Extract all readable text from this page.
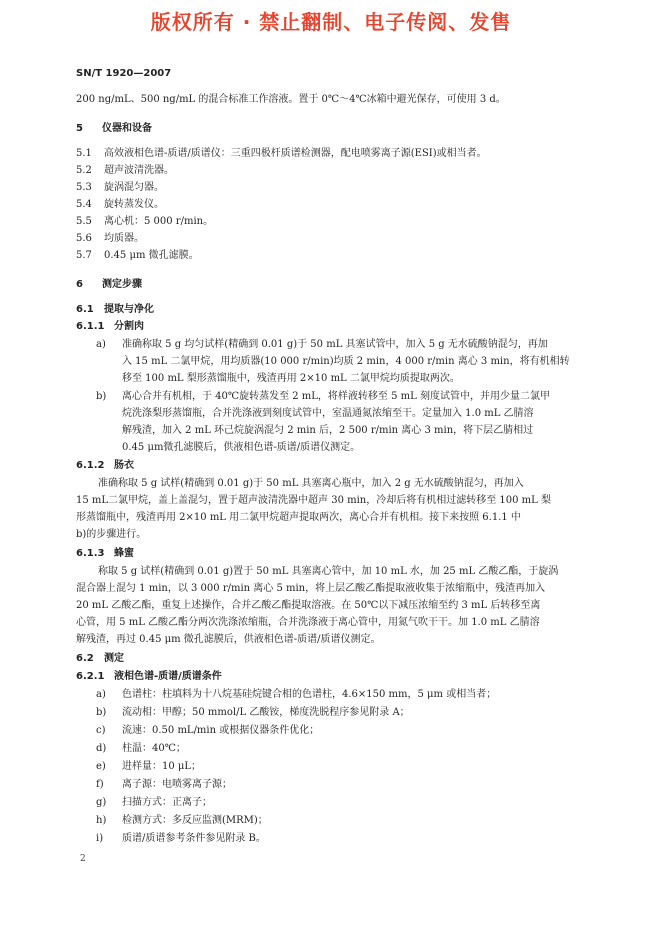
版权所有 · 禁止翻制、电子传阅、发售
SN/T 1920—2007
200 ng/mL、500 ng/mL 的混合标准工作溶液。置于 0℃～4℃冰箱中避光保存，可使用 3 d。
5 仪器和设备
5.1 高效液相色谱-质谱/质谱仪：三重四极杆质谱检测器，配电喷雾离子源(ESI)或相当者。
5.2 超声波清洗器。
5.3 旋涡混匀器。
5.4 旋转蒸发仪。
5.5 离心机：5 000 r/min。
5.6 均质器。
5.7 0.45 μm 微孔滤膜。
6 测定步骤
6.1 提取与净化
6.1.1 分割肉
a) 准确称取 5 g 均匀试样(精确到 0.01 g)于 50 mL 具塞试管中，加入 5 g 无水硫酸钠混匀，再加
入 15 mL 二氯甲烷，用均质器(10 000 r/min)均质 2 min，4 000 r/min 离心 3 min，将有机相转
移至 100 mL 梨形蒸馏瓶中，残渣再用 2×10 mL 二氯甲烷均质提取两次。
b) 离心合并有机相，于 40℃旋转蒸发至 2 mL，将样液转移至 5 mL 刻度试管中，并用少量二氯甲
烷洗涤梨形蒸馏瓶，合并洗涤液到刻度试管中，室温通氮浓缩至干。定量加入 1.0 mL 乙腈溶
解残渣，加入 2 mL 环己烷旋涡混匀 2 min 后，2 500 r/min 离心 3 min，将下层乙腈相过
0.45 μm微孔滤膜后，供液相色谱-质谱/质谱仪测定。
6.1.2 肠衣
准确称取 5 g 试样(精确到 0.01 g)于 50 mL 具塞离心瓶中，加入 2 g 无水硫酸钠混匀，再加入
15 mL二氯甲烷，盖上盖混匀，置于超声波清洗器中超声 30 min，冷却后将有机相过滤转移至 100 mL 梨
形蒸馏瓶中，残渣再用 2×10 mL 用二氯甲烷超声提取两次，离心合并有机相。接下来按照 6.1.1 中
b)的步骤进行。
6.1.3 蜂蜜
称取 5 g 试样(精确到 0.01 g)置于 50 mL 具塞离心管中，加 10 mL 水，加 25 mL 乙酸乙酯，于旋涡
混合器上混匀 1 min，以 3 000 r/min 离心 5 min，将上层乙酸乙酯提取液收集于浓缩瓶中，残渣再加入
20 mL 乙酸乙酯，重复上述操作，合并乙酸乙酯提取溶液。在 50℃以下减压浓缩至约 3 mL 后转移至离
心管，用 5 mL 乙酸乙酯分两次洗涤浓缩瓶，合并洗涤液于离心管中，用氮气吹干干。加 1.0 mL 乙腈溶
解残渣，再过 0.45 μm 微孔滤膜后，供液相色谱-质谱/质谱仪测定。
6.2 测定
6.2.1 液相色谱-质谱/质谱条件
a) 色谱柱：柱填料为十八烷基硅烷键合相的色谱柱，4.6×150 mm，5 μm 或相当者；
b) 流动相：甲醇；50 mmol/L 乙酸铵，梯度洗脱程序参见附录 A；
c) 流速：0.50 mL/min 或根据仪器条件优化；
d) 柱温：40℃；
e) 进样量：10 μL；
f) 离子源：电喷雾离子源；
g) 扫描方式：正离子；
h) 检测方式：多反应监测(MRM)；
i) 质谱/质谱参考条件参见附录 B。
2
